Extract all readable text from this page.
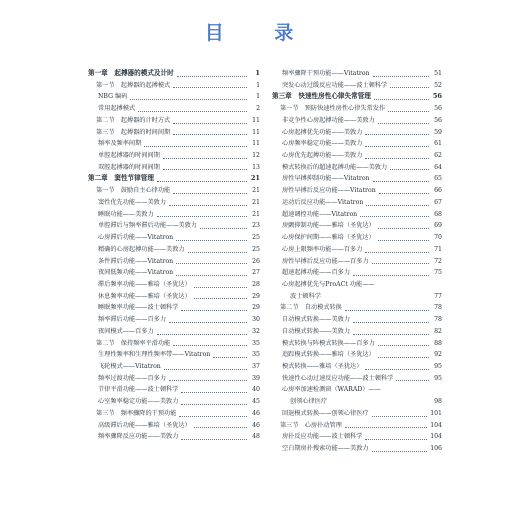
目 录
第一章　起搏器的模式及计时	1
第一节　起搏器的起搏模式	1
NBG 编码	1
常用起搏模式	2
第二节　起搏器的计时方式	11
第三节　起搏器的时间间期	11
频率及频率间期	11
单腔起搏器的时间间期	12
双腔起搏器的时间间期	13
第二章　窦性节律管理	21
第一节　鼓励自主心律功能	21
窦性优先功能——美敦力	21
睡眠功能——美敦力	21
单腔滞后与频率滞后功能——美敦力	23
心房滞后功能——Vitatron	25
精确的心房起搏功能——美敦力	25
条件滞后功能——Vitatron	26
夜间低频功能——Vitatron	27
滞后频率功能——雅培（圣犹达）	28
休息频率功能——雅培（圣犹达）	29
睡眠频率功能——波士顿科学	29
频率滞后功能——百多力	30
夜间模式——百多力	32
第二节　保持频率平滑功能	35
生理性频率和生理性频率带——Vitatron	35
飞轮模式——Vitatron	37
频率过渡功能——百多力	39
节律平滑功能——波士顿科学	40
心室频率稳定功能——美敦力	45
第三节　频率骤降的干预功能	46
高级滞后功能——雅培（圣犹达）	46
频率骤降反应功能——美敦力	48
频率骤降干预功能——Vitatron	51
突发心动过缓反应功能——波士顿科学	52
第三章　快速性房性心律失常管理	56
第一节　预防快速性房性心律失常发作	56
非竞争性心房起搏功能——美敦力	56
心房起搏优先功能——美敦力	59
心房频率稳定功能——美敦力	61
心房优先起搏功能——美敦力	62
模式转换后的超速起搏功能——美敦力	64
房性早搏抑制功能——Vitatron	65
房性早搏后反应功能——Vitatron	66
运动后反应功能——Vitatron	67
超速调控功能——Vitatron	68
房颤抑制功能——雅培（圣犹达）	69
心房保护间期——雅培（圣犹达）	70
心房上限频率功能——百多力	71
房性早搏后反应功能——百多力	72
超速起搏功能——百多力	75
心房起搏优先与ProACt 功能——
波士顿科学	77
第二节　自动模式转换	78
自动模式转换——美敦力	78
自动模式转换——美敦力	82
模式转换与阵模式转换——百多力	88
追踪模式转换——雅培（圣犹达）	92
模式转换——雅培（圣犹达）	95
快速性心动过速反应功能——波士顿科学	95
心房率加速检测窗（WARAD）——
创领心律医疗	98
回退模式转换——创领心律医疗	101
第三节　心房扑动管理	104
房扑反应功能——波士顿科学	104
空白期房扑搜索功能——美敦力	106
